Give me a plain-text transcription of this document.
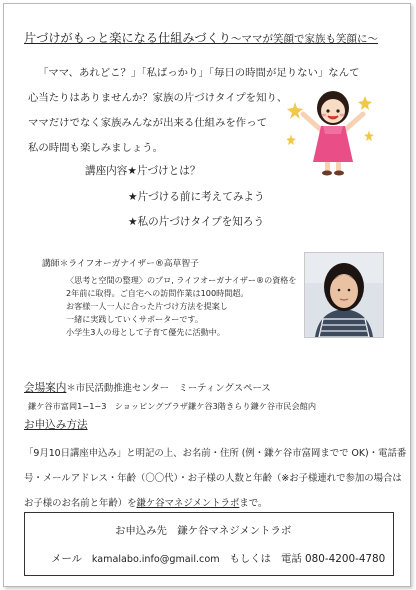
片づけがもっと楽になる仕組みづくり〜ママが笑顔で家族も笑顔に〜
「ママ、あれどこ？」「私ばっかり」「毎日の時間が足りない」なんて
心当たりはありませんか？家族の片づけタイプを知り、
ママだけでなく家族みんなが出来る仕組みを作って
私の時間も楽しみましょう。
講座内容★片づけとは？
★片づける前に考えてみよう
★私の片づけタイプを知ろう
講師＊ライフオーガナイザー®高草智子
〈思考と空間の整理〉のプロ, ライフオーガナイザー®の資格を
2年前に取得。ご自宅への訪問作業は100時間超。
お客様一人一人に合った片づけ方法を提案し
一緒に実践していくサポーターです。
小学生3人の母として子育て優先に活動中。
会場案内＊市民活動推進センター　ミーティングスペース
鎌ケ谷市富岡1−1−3　ショッピングプラザ鎌ケ谷3階きらり鎌ケ谷市民会館内
お申込み方法
「9月10日講座申込み」と明記の上、お名前・住所 (例・鎌ケ谷市富岡までで OK)・電話番
号・メールアドレス・年齢（〇〇代）・お子様の人数と年齢（※お子様連れで参加の場合は
お子様のお名前と年齢）を鎌ケ谷マネジメントラボまで。
お申込み先　鎌ケ谷マネジメントラボ
メール kamalabo.info@gmail.com もしくは 電話 080-4200-4780
